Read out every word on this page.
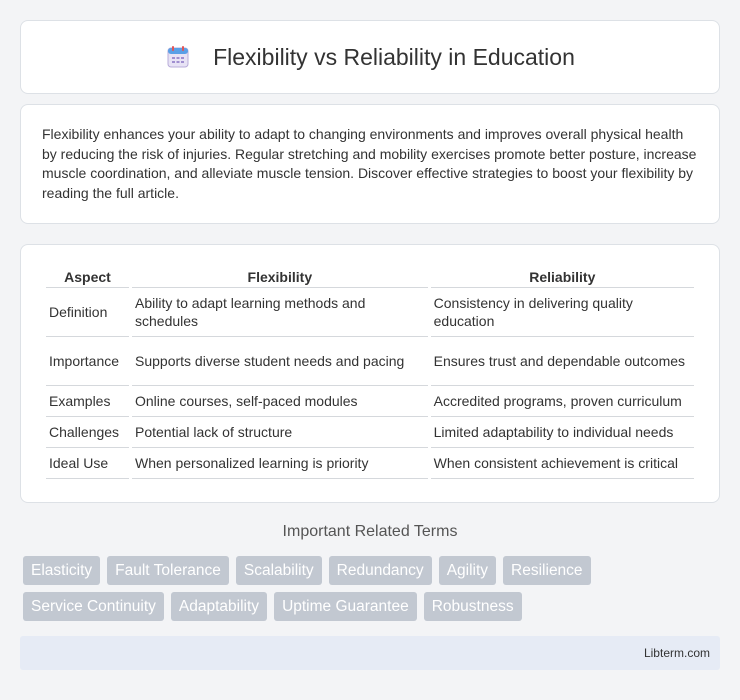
Flexibility vs Reliability in Education

Flexibility enhances your ability to adapt to changing environments and improves overall physical health by reducing the risk of injuries. Regular stretching and mobility exercises promote better posture, increase muscle coordination, and alleviate muscle tension. Discover effective strategies to boost your flexibility by reading the full article.

Aspect	Flexibility	Reliability
Definition	Ability to adapt learning methods and schedules	Consistency in delivering quality education
Importance	Supports diverse student needs and pacing	Ensures trust and dependable outcomes
Examples	Online courses, self-paced modules	Accredited programs, proven curriculum
Challenges	Potential lack of structure	Limited adaptability to individual needs
Ideal Use	When personalized learning is priority	When consistent achievement is critical
Important Related Terms
Elasticity	Fault Tolerance	Scalability	Redundancy	Agility	Resilience
Service Continuity	Adaptability	Uptime Guarantee	Robustness
Libterm.com
